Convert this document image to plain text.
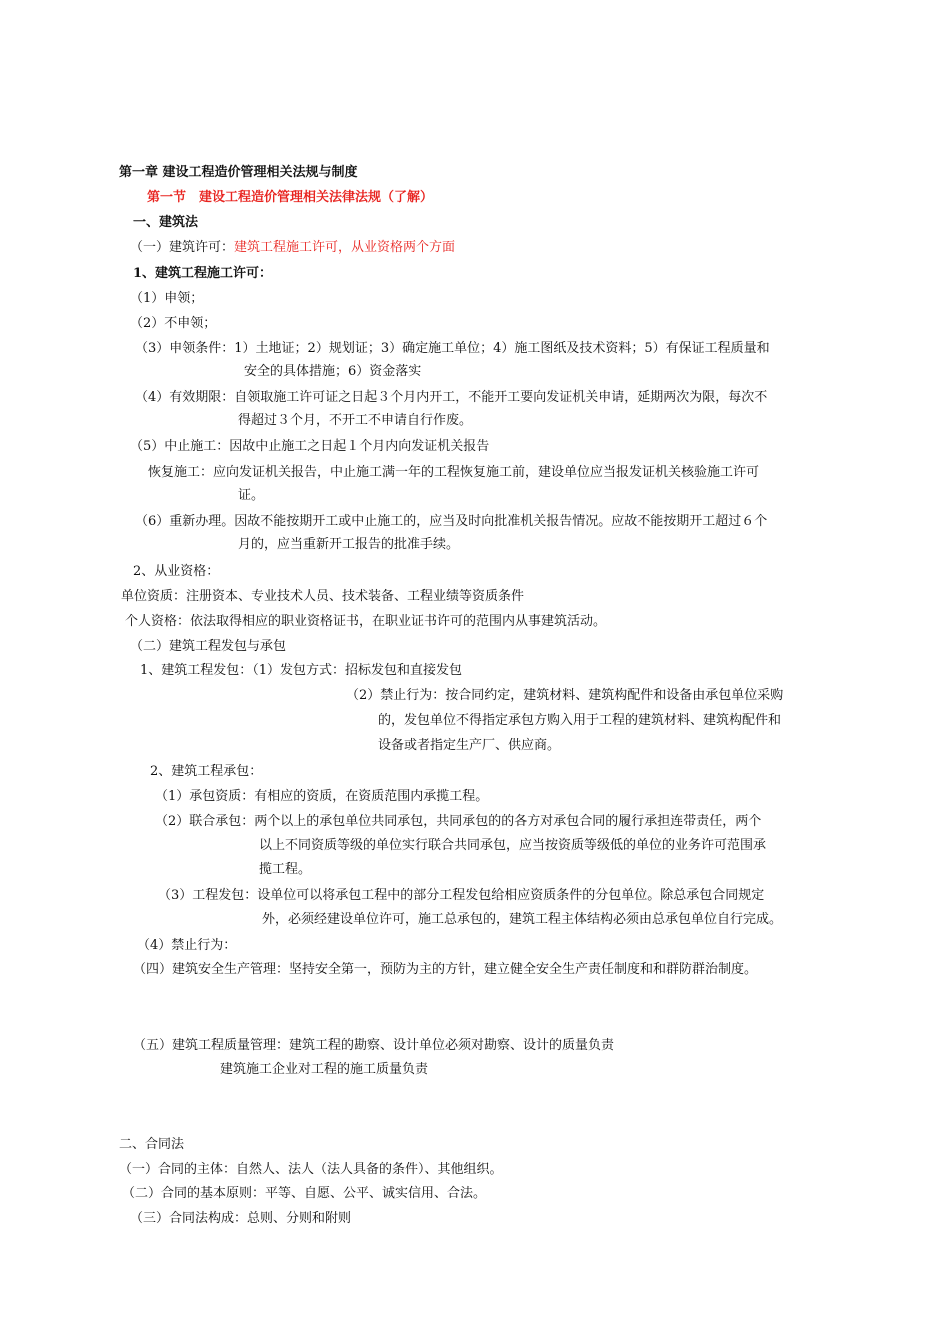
第一章 建设工程造价管理相关法规与制度
第一节　建设工程造价管理相关法律法规（了解）
一、建筑法
（一）建筑许可：建筑工程施工许可，从业资格两个方面
1、建筑工程施工许可：
（1）申领；
（2）不申领；
（3）申领条件：1）土地证；2）规划证；3）确定施工单位；4）施工图纸及技术资料；5）有保证工程质量和
安全的具体措施；6）资金落实
（4）有效期限：自领取施工许可证之日起３个月内开工，不能开工要向发证机关申请，延期两次为限，每次不
得超过３个月，不开工不申请自行作废。
（5）中止施工：因故中止施工之日起１个月内向发证机关报告
恢复施工：应向发证机关报告，中止施工满一年的工程恢复施工前，建设单位应当报发证机关核验施工许可
证。
（6）重新办理。因故不能按期开工或中止施工的，应当及时向批准机关报告情况。应故不能按期开工超过６个
月的，应当重新开工报告的批准手续。
2、从业资格：
单位资质：注册资本、专业技术人员、技术装备、工程业绩等资质条件
个人资格：依法取得相应的职业资格证书，在职业证书许可的范围内从事建筑活动。
（二）建筑工程发包与承包
1、建筑工程发包：（1）发包方式：招标发包和直接发包
（2）禁止行为：按合同约定，建筑材料、建筑构配件和设备由承包单位采购
的，发包单位不得指定承包方购入用于工程的建筑材料、建筑构配件和
设备或者指定生产厂、供应商。
2、建筑工程承包：
（1）承包资质：有相应的资质，在资质范围内承揽工程。
（2）联合承包：两个以上的承包单位共同承包，共同承包的的各方对承包合同的履行承担连带责任，两个
以上不同资质等级的单位实行联合共同承包，应当按资质等级低的单位的业务许可范围承
揽工程。
（3）工程发包：设单位可以将承包工程中的部分工程发包给相应资质条件的分包单位。除总承包合同规定
外，必须经建设单位许可，施工总承包的，建筑工程主体结构必须由总承包单位自行完成。
（4）禁止行为：
（四）建筑安全生产管理：坚持安全第一，预防为主的方针，建立健全安全生产责任制度和和群防群治制度。
（五）建筑工程质量管理：建筑工程的勘察、设计单位必须对勘察、设计的质量负责
建筑施工企业对工程的施工质量负责
二、合同法
（一）合同的主体：自然人、法人（法人具备的条件）、其他组织。
（二）合同的基本原则：平等、自愿、公平、诚实信用、合法。
（三）合同法构成：总则、分则和附则
